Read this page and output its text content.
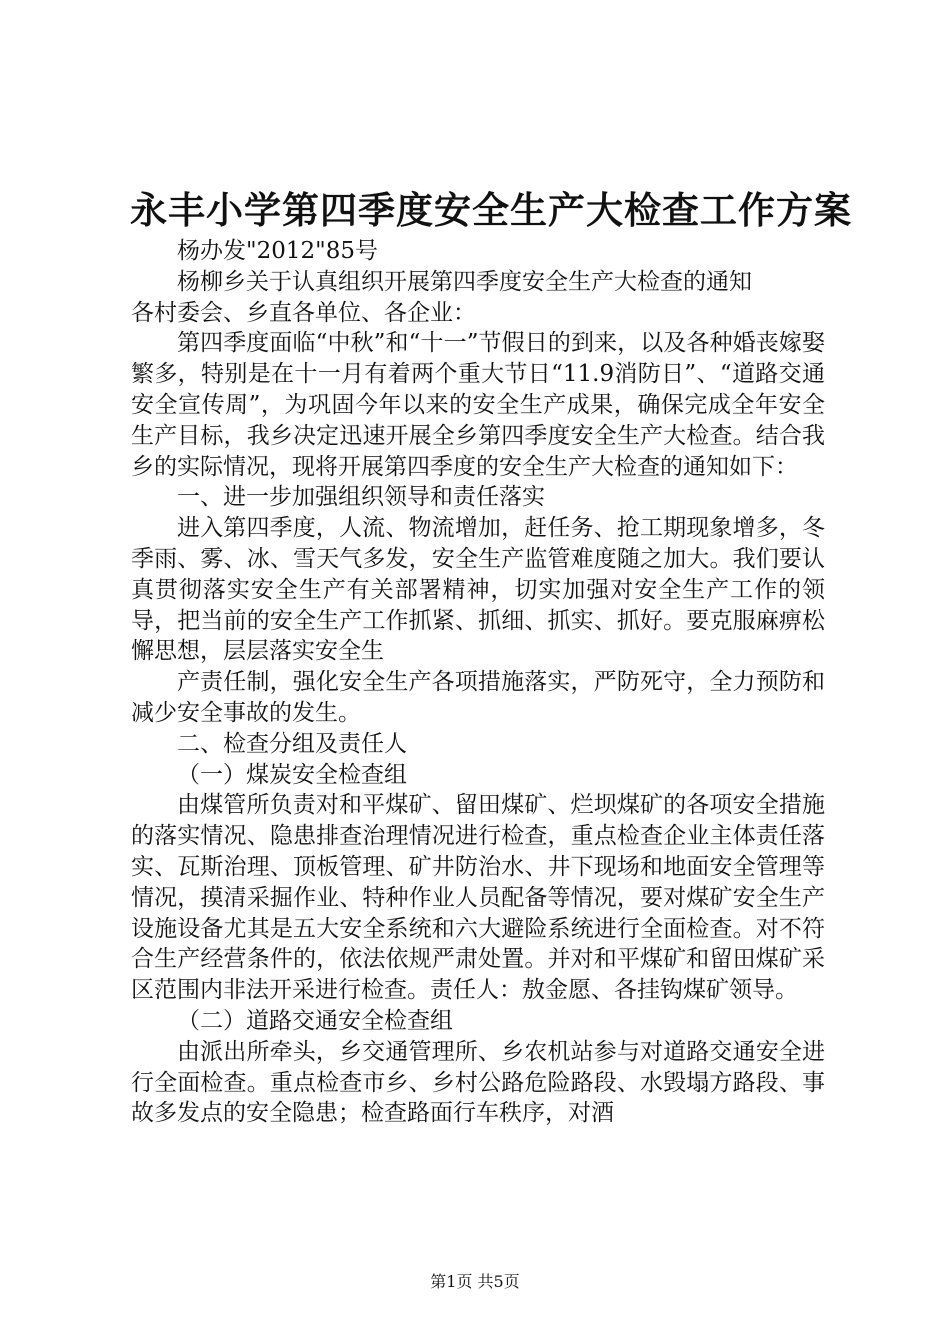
永丰小学第四季度安全生产大检查工作方案

杨办发"2012"85号

杨柳乡关于认真组织开展第四季度安全生产大检查的通知

各村委会、乡直各单位、各企业：

第四季度面临“中秋”和“十一”节假日的到来，以及各种婚丧嫁娶繁多，特别是在十一月有着两个重大节日“11.9消防日”、“道路交通安全宣传周”，为巩固今年以来的安全生产成果，确保完成全年安全生产目标，我乡决定迅速开展全乡第四季度安全生产大检查。结合我乡的实际情况，现将开展第四季度的安全生产大检查的通知如下：

一、进一步加强组织领导和责任落实

进入第四季度，人流、物流增加，赶任务、抢工期现象增多，冬季雨、雾、冰、雪天气多发，安全生产监管难度随之加大。我们要认真贯彻落实安全生产有关部署精神，切实加强对安全生产工作的领导，把当前的安全生产工作抓紧、抓细、抓实、抓好。要克服麻痹松懈思想，层层落实安全生

产责任制，强化安全生产各项措施落实，严防死守，全力预防和减少安全事故的发生。

二、检查分组及责任人

（一）煤炭安全检查组

由煤管所负责对和平煤矿、留田煤矿、烂坝煤矿的各项安全措施的落实情况、隐患排查治理情况进行检查，重点检查企业主体责任落实、瓦斯治理、顶板管理、矿井防治水、井下现场和地面安全管理等情况，摸清采掘作业、特种作业人员配备等情况，要对煤矿安全生产设施设备尤其是五大安全系统和六大避险系统进行全面检查。对不符合生产经营条件的，依法依规严肃处置。并对和平煤矿和留田煤矿采区范围内非法开采进行检查。责任人：敖金愿、各挂钩煤矿领导。

（二）道路交通安全检查组

由派出所牵头，乡交通管理所、乡农机站参与对道路交通安全进行全面检查。重点检查市乡、乡村公路危险路段、水毁塌方路段、事故多发点的安全隐患；检查路面行车秩序，对酒

第1页 共5页
